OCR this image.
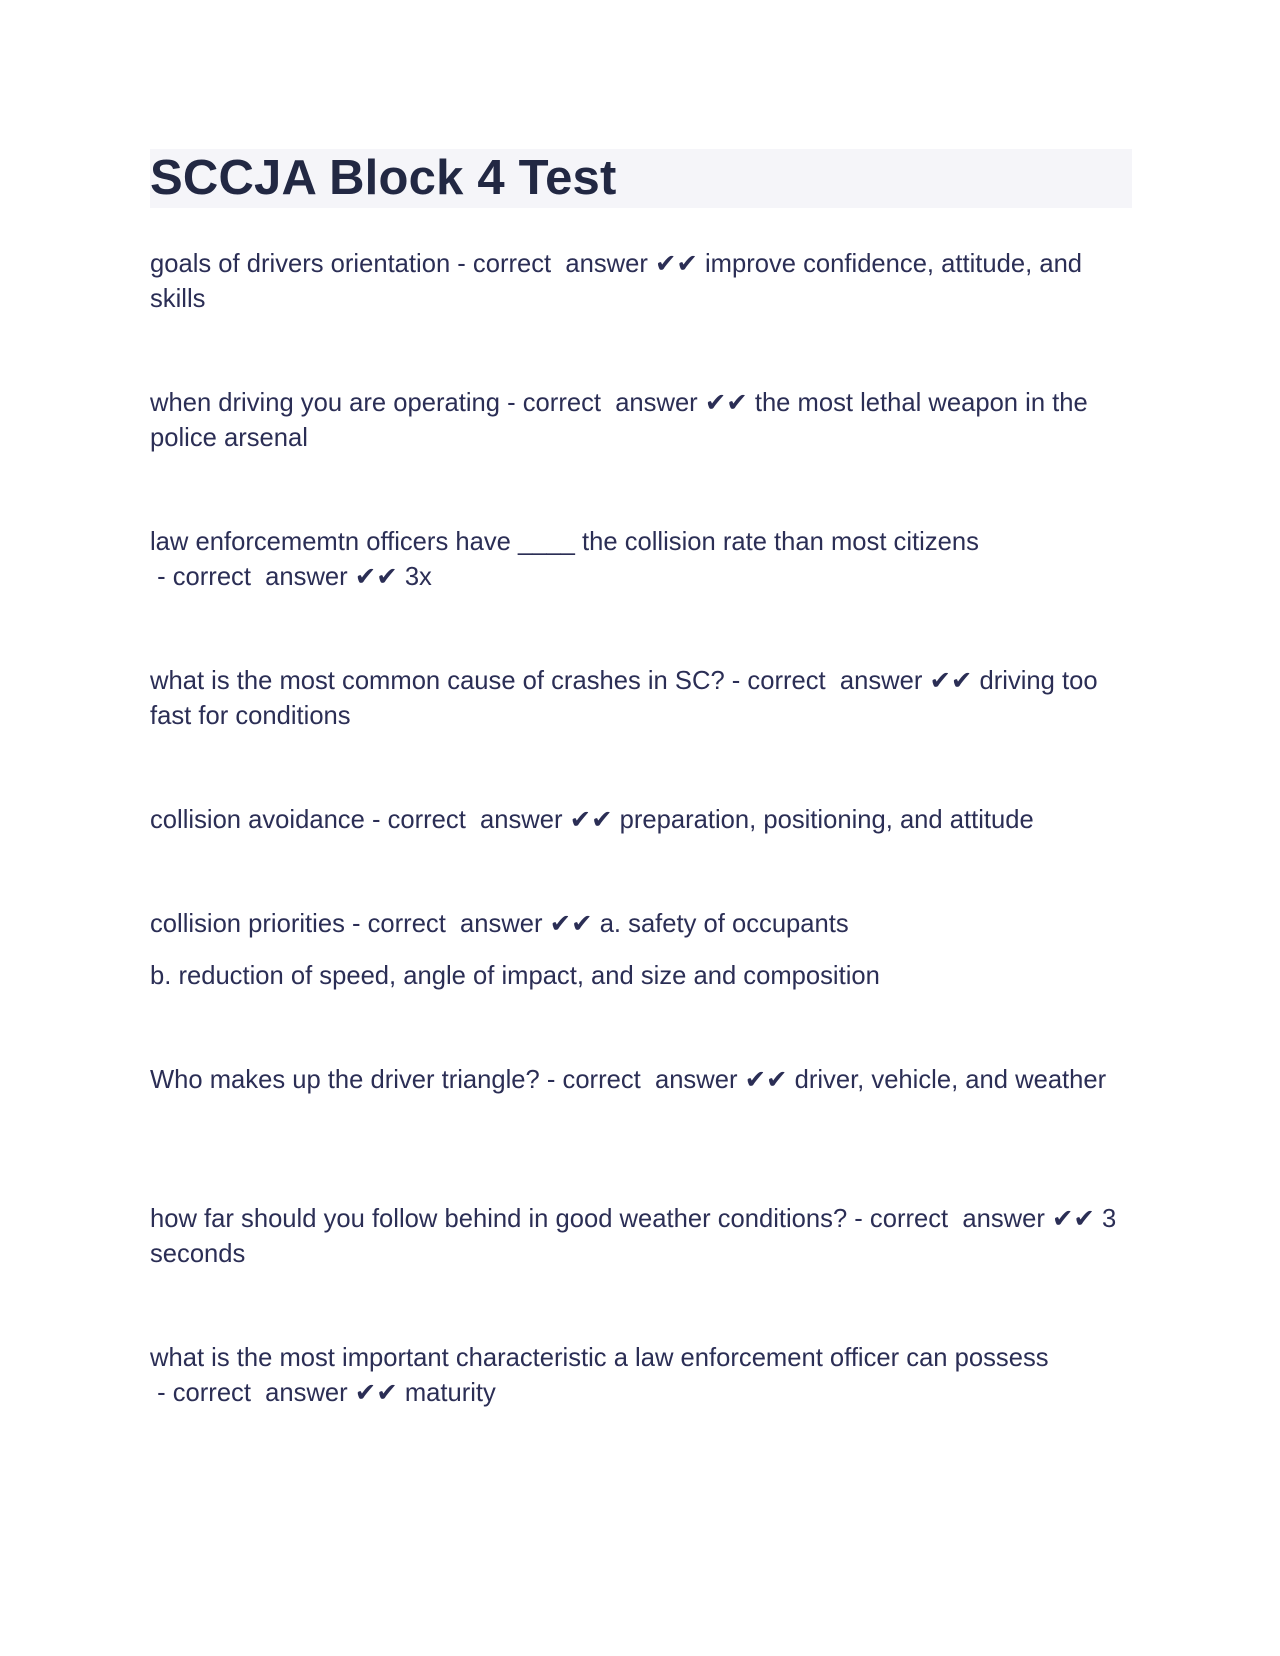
SCCJA Block 4 Test

goals of drivers orientation - correct  answer ✔✔ improve confidence, attitude, and skills

when driving you are operating - correct  answer ✔✔ the most lethal weapon in the police arsenal

law enforcememtn officers have ____ the collision rate than most citizens - correct  answer ✔✔ 3x

what is the most common cause of crashes in SC? - correct  answer ✔✔ driving too fast for conditions

collision avoidance - correct  answer ✔✔ preparation, positioning, and attitude

collision priorities - correct  answer ✔✔ a. safety of occupants

b. reduction of speed, angle of impact, and size and composition

Who makes up the driver triangle? - correct  answer ✔✔ driver, vehicle, and weather

how far should you follow behind in good weather conditions? - correct  answer ✔✔ 3 seconds

what is the most important characteristic a law enforcement officer can possess - correct  answer ✔✔ maturity
